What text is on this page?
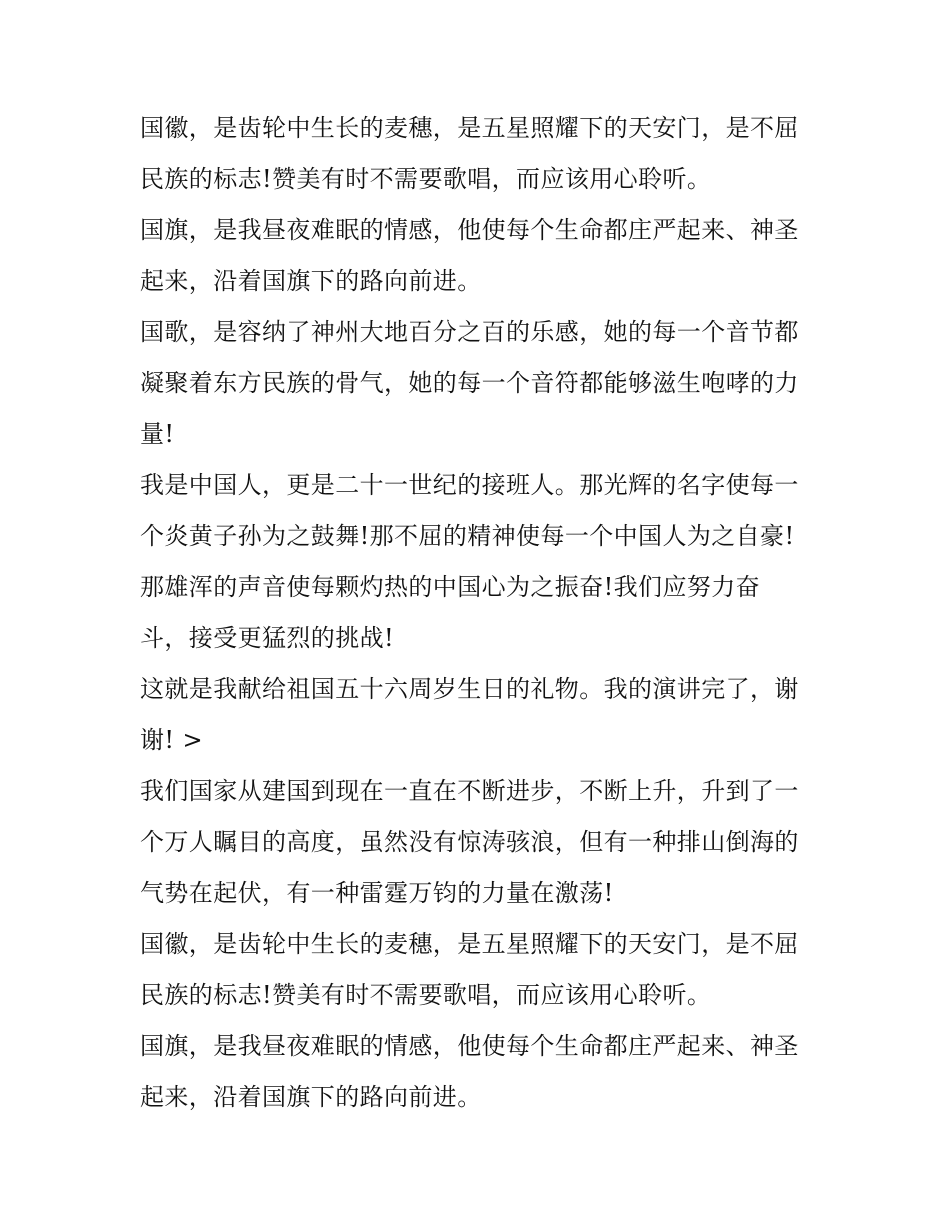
国徽，是齿轮中生长的麦穗，是五星照耀下的天安门，是不屈
民族的标志!赞美有时不需要歌唱，而应该用心聆听。
国旗，是我昼夜难眠的情感，他使每个生命都庄严起来、神圣
起来，沿着国旗下的路向前进。
国歌，是容纳了神州大地百分之百的乐感，她的每一个音节都
凝聚着东方民族的骨气，她的每一个音符都能够滋生咆哮的力
量!
我是中国人，更是二十一世纪的接班人。那光辉的名字使每一
个炎黄子孙为之鼓舞!那不屈的精神使每一个中国人为之自豪!
那雄浑的声音使每颗灼热的中国心为之振奋!我们应努力奋
斗，接受更猛烈的挑战!
这就是我献给祖国五十六周岁生日的礼物。我的演讲完了，谢
谢! >
我们国家从建国到现在一直在不断进步，不断上升，升到了一
个万人瞩目的高度，虽然没有惊涛骇浪，但有一种排山倒海的
气势在起伏，有一种雷霆万钧的力量在激荡!
国徽，是齿轮中生长的麦穗，是五星照耀下的天安门，是不屈
民族的标志!赞美有时不需要歌唱，而应该用心聆听。
国旗，是我昼夜难眠的情感，他使每个生命都庄严起来、神圣
起来，沿着国旗下的路向前进。
